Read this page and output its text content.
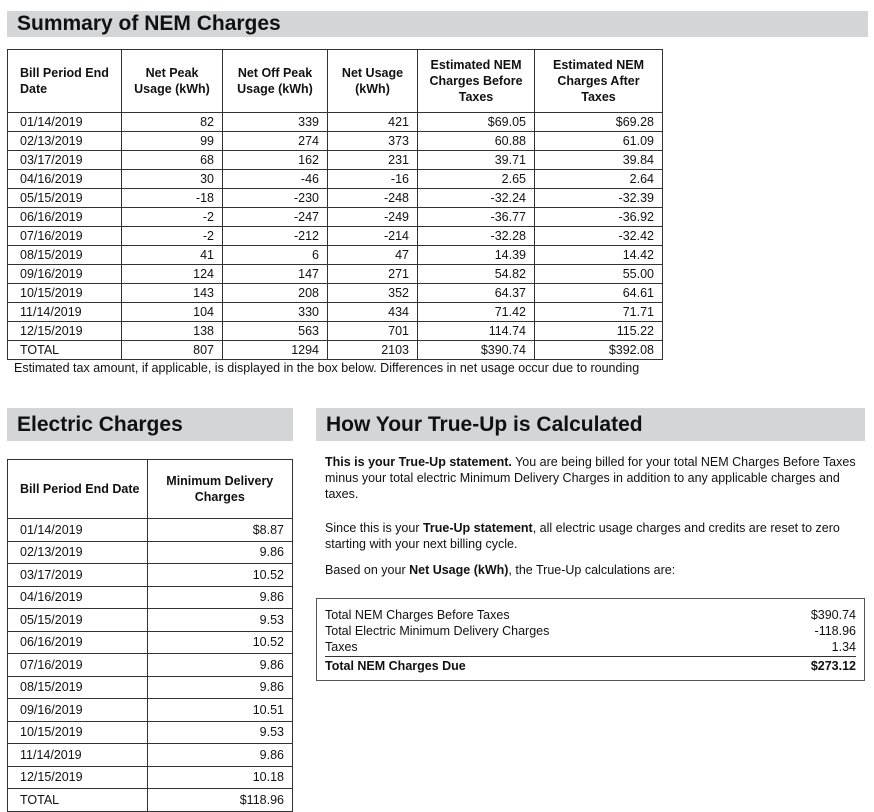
Summary of NEM Charges
Bill Period End Date	Net Peak Usage (kWh)	Net Off Peak Usage (kWh)	Net Usage (kWh)	Estimated NEM Charges Before Taxes	Estimated NEM Charges After Taxes
01/14/2019	82	339	421	$69.05	$69.28
02/13/2019	99	274	373	60.88	61.09
03/17/2019	68	162	231	39.71	39.84
04/16/2019	30	-46	-16	2.65	2.64
05/15/2019	-18	-230	-248	-32.24	-32.39
06/16/2019	-2	-247	-249	-36.77	-36.92
07/16/2019	-2	-212	-214	-32.28	-32.42
08/15/2019	41	6	47	14.39	14.42
09/16/2019	124	147	271	54.82	55.00
10/15/2019	143	208	352	64.37	64.61
11/14/2019	104	330	434	71.42	71.71
12/15/2019	138	563	701	114.74	115.22
TOTAL	807	1294	2103	$390.74	$392.08
Estimated tax amount, if applicable, is displayed in the box below. Differences in net usage occur due to rounding
Electric Charges
Bill Period End Date	Minimum Delivery Charges
01/14/2019	$8.87
02/13/2019	9.86
03/17/2019	10.52
04/16/2019	9.86
05/15/2019	9.53
06/16/2019	10.52
07/16/2019	9.86
08/15/2019	9.86
09/16/2019	10.51
10/15/2019	9.53
11/14/2019	9.86
12/15/2019	10.18
TOTAL	$118.96
How Your True-Up is Calculated
This is your True-Up statement. You are being billed for your total NEM Charges Before Taxes minus your total electric Minimum Delivery Charges in addition to any applicable charges and taxes.
Since this is your True-Up statement, all electric usage charges and credits are reset to zero starting with your next billing cycle.
Based on your Net Usage (kWh), the True-Up calculations are:
Total NEM Charges Before Taxes	$390.74
Total Electric Minimum Delivery Charges	-118.96
Taxes	1.34
Total NEM Charges Due	$273.12
